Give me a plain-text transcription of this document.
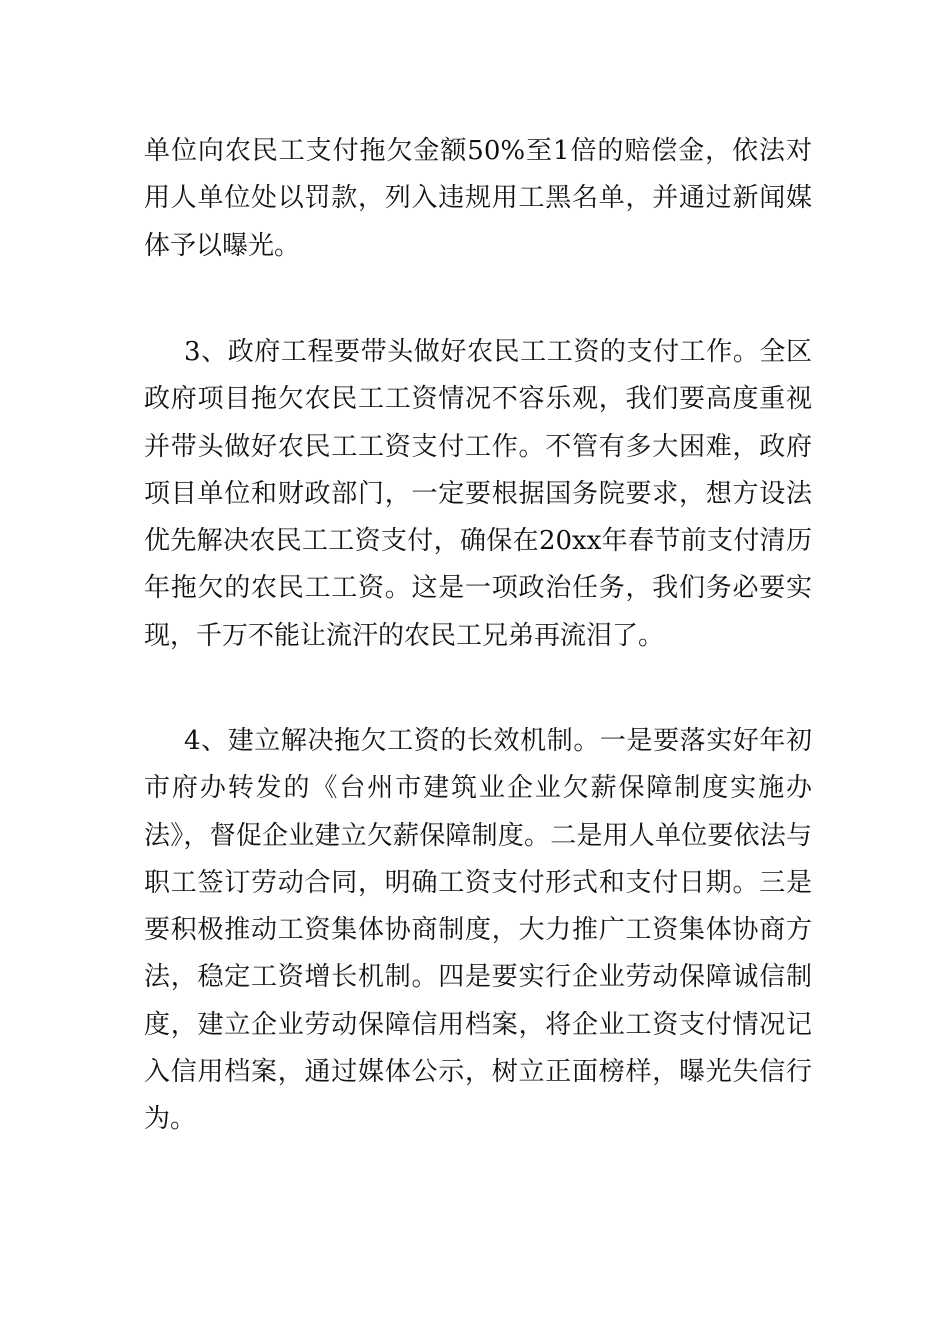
单位向农民工支付拖欠金额50%至1倍的赔偿金，依法对用人单位处以罚款，列入违规用工黑名单，并通过新闻媒体予以曝光。

3、政府工程要带头做好农民工工资的支付工作。全区政府项目拖欠农民工工资情况不容乐观，我们要高度重视并带头做好农民工工资支付工作。不管有多大困难，政府项目单位和财政部门，一定要根据国务院要求，想方设法优先解决农民工工资支付，确保在20xx年春节前支付清历年拖欠的农民工工资。这是一项政治任务，我们务必要实现，千万不能让流汗的农民工兄弟再流泪了。

4、建立解决拖欠工资的长效机制。一是要落实好年初市府办转发的《台州市建筑业企业欠薪保障制度实施办法》，督促企业建立欠薪保障制度。二是用人单位要依法与职工签订劳动合同，明确工资支付形式和支付日期。三是要积极推动工资集体协商制度，大力推广工资集体协商方法，稳定工资增长机制。四是要实行企业劳动保障诚信制度，建立企业劳动保障信用档案，将企业工资支付情况记入信用档案，通过媒体公示，树立正面榜样，曝光失信行为。
